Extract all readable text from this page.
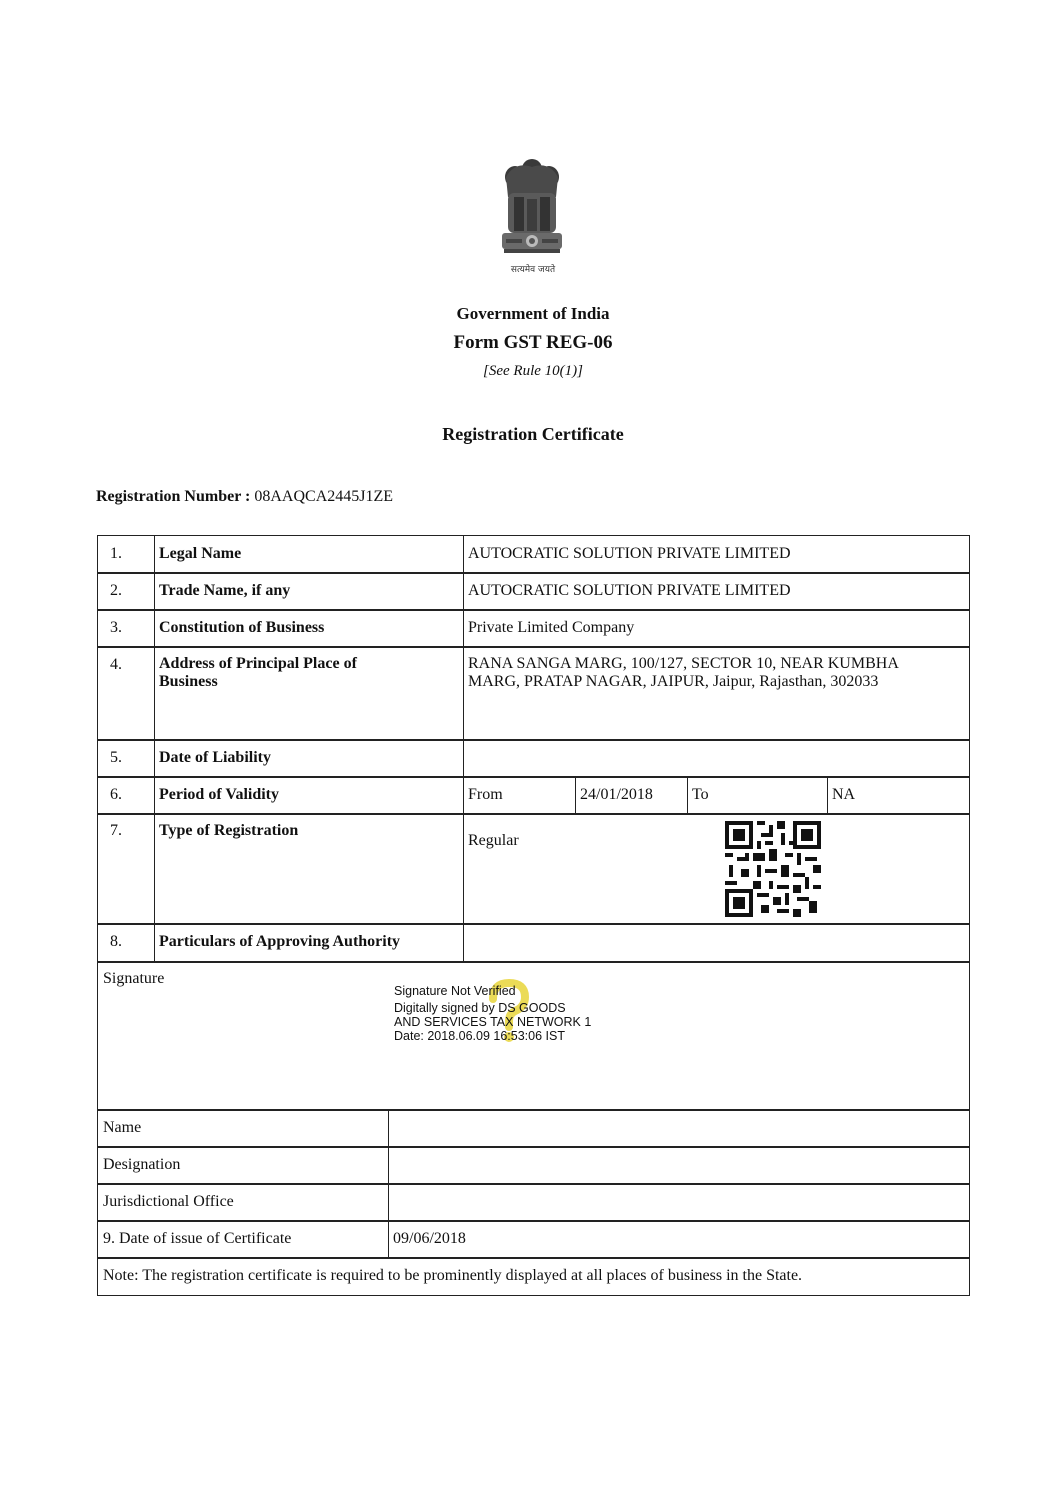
सत्यमेव जयते
Government of India
Form GST REG-06
[See Rule 10(1)]
Registration Certificate
Registration Number : 08AAQCA2445J1ZE
1. Legal Name	AUTOCRATIC SOLUTION PRIVATE LIMITED
2. Trade Name, if any	AUTOCRATIC SOLUTION PRIVATE LIMITED
3. Constitution of Business	Private Limited Company
4. Address of Principal Place of Business
RANA SANGA MARG, 100/127, SECTOR 10, NEAR KUMBHA MARG, PRATAP NAGAR, JAIPUR, Jaipur, Rajasthan, 302033
5. Date of Liability
6. Period of Validity	From	24/01/2018 To	NA
7. Type of Registration
Regular
8. Particulars of Approving Authority
Signature
Signature Not Verified
Digitally signed by DS GOODS
AND SERVICES TAX NETWORK 1
Date: 2018.06.09 16:53:06 IST
Name
Designation
Jurisdictional Office
9. Date of issue of Certificate	09/06/2018
Note: The registration certificate is required to be prominently displayed at all places of business in the State.
